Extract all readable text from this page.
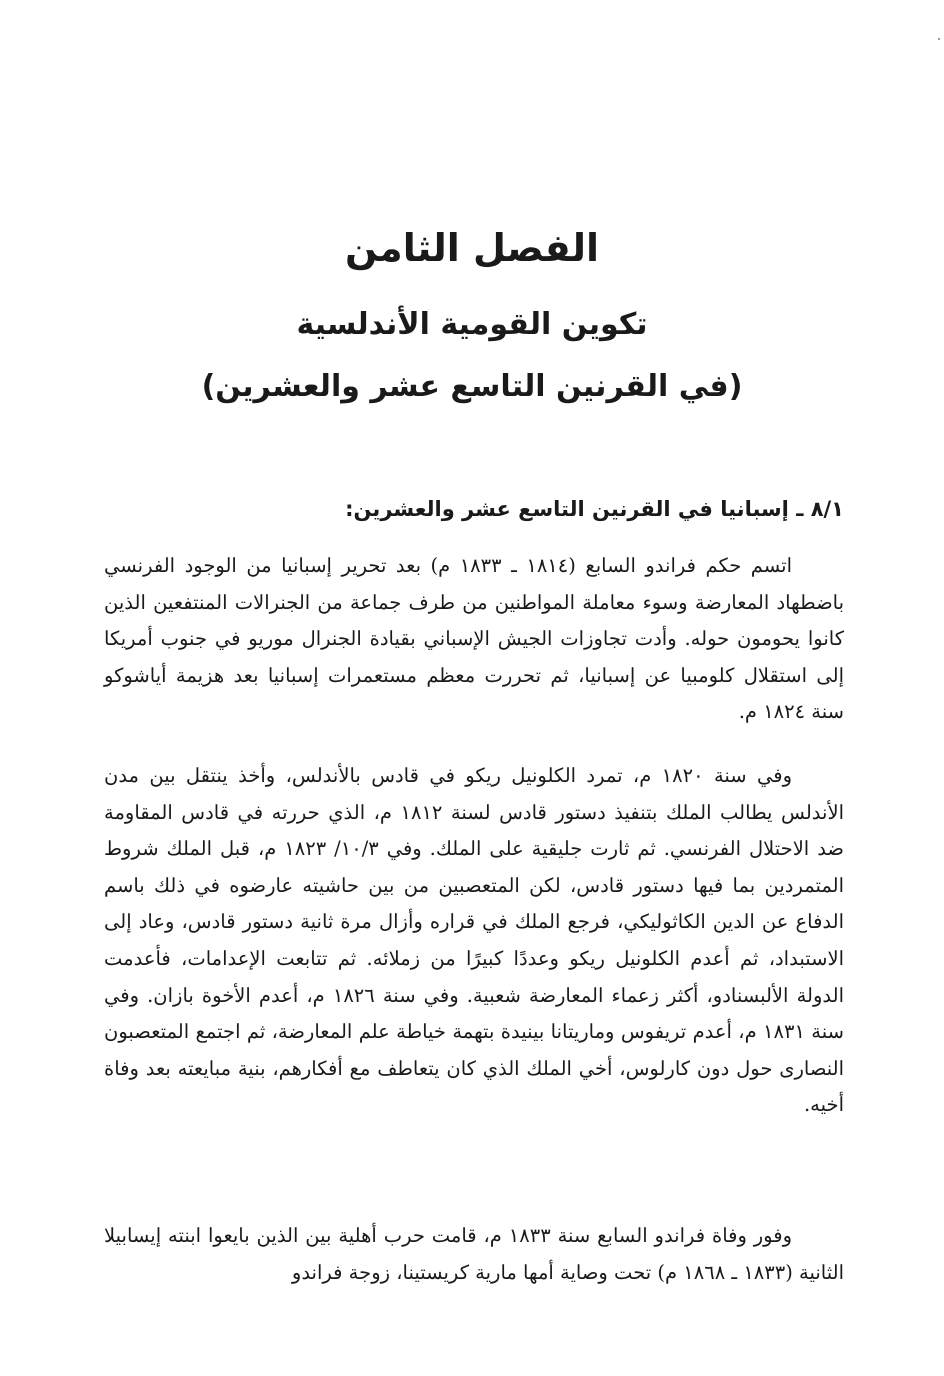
الفصل الثامن
تكوين القومية الأندلسية
(في القرنين التاسع عشر والعشرين)
٨/١ ـ إسبانيا في القرنين التاسع عشر والعشرين:

اتسم حكم فراندو السابع (١٨١٤ ـ ١٨٣٣ م) بعد تحرير إسبانيا من الوجود الفرنسي باضطهاد المعارضة وسوء معاملة المواطنين من طرف جماعة من الجنرالات المنتفعين الذين كانوا يحومون حوله. وأدت تجاوزات الجيش الإسباني بقيادة الجنرال موريو في جنوب أمريكا إلى استقلال كلومبيا عن إسبانيا، ثم تحررت معظم مستعمرات إسبانيا بعد هزيمة أياشوكو سنة ١٨٢٤ م.

وفي سنة ١٨٢٠ م، تمرد الكلونيل ريكو في قادس بالأندلس، وأخذ ينتقل بين مدن الأندلس يطالب الملك بتنفيذ دستور قادس لسنة ١٨١٢ م، الذي حررته في قادس المقاومة ضد الاحتلال الفرنسي. ثم ثارت جليقية على الملك. وفي ١٠/٣/ ١٨٢٣ م، قبل الملك شروط المتمردين بما فيها دستور قادس، لكن المتعصبين من بين حاشيته عارضوه في ذلك باسم الدفاع عن الدين الكاثوليكي، فرجع الملك في قراره وأزال مرة ثانية دستور قادس، وعاد إلى الاستبداد، ثم أعدم الكلونيل ريكو وعددًا كبيرًا من زملائه. ثم تتابعت الإعدامات، فأعدمت الدولة الألبسنادو، أكثر زعماء المعارضة شعبية. وفي سنة ١٨٢٦ م، أعدم الأخوة بازان. وفي سنة ١٨٣١ م، أعدم تريفوس وماريتانا بينيدة بتهمة خياطة علم المعارضة، ثم اجتمع المتعصبون النصارى حول دون كارلوس، أخي الملك الذي كان يتعاطف مع أفكارهم، بنية مبايعته بعد وفاة أخيه.

وفور وفاة فراندو السابع سنة ١٨٣٣ م، قامت حرب أهلية بين الذين بايعوا ابنته إيسابيلا الثانية (١٨٣٣ ـ ١٨٦٨ م) تحت وصاية أمها مارية كريستينا، زوجة فراندو
